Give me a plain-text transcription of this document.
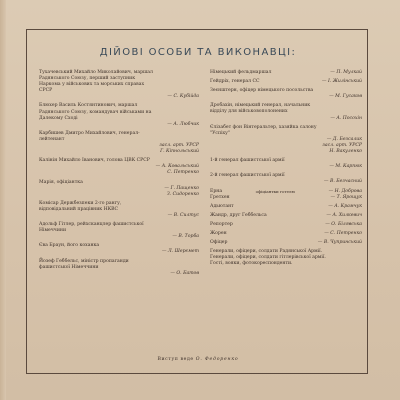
ДІЙОВІ ОСОБИ ТА ВИКОНАВЦІ:
Тухачевський Михайло Миколайович, маршал Радянського Союзу, перший заступник Наркома у військових та морських справах СРСР
— С. Кубійда
Блюхер Василь Костянтинович, маршал Радянського Союзу, командувач військами на Далекому Сході
— А. Любчик
Карбишев Дмитро Михайлович, генерал-лейтенант
засл. арт. УРСР
Г. Кіпнольський
Калінін Михайло Іванович, голова ЦВК СРСР
— А. Ковальський
С. Петренко
Марія, офіціантка
— Г. Пащенко
З. Сидоренко
Комісар Держбезпеки 2-го рангу, відповідальний працівник НКВС
— В. Силтус
Адольф Гітлер, рейхсканцлер фашистської Німеччини
— В. Торба
Єва Браун, його коханка
— Л. Шерємет
Йозеф Геббельс, міністр пропаганди фашистської Німеччини
— О. Батов
Німецький фельдмаршал	— П. Мулкай
Гейдріх, генерал СС	— І. Жилінський
Зеєнштерн, офіцер німецького посольства
— М. Гусаков
Дробахін, німецький генерал, начальник відділу для військовополонених
— А. Посохін
Єлізабет фон Вінтеральтер, хазяйка салону "Успіху"
— Д. Безсалик
засл. арт. УРСР
Н. Вакуленко
1-й генерал фашистської армії
— М. Карпюк
2-й генерал фашистської армії
— В. Безчасний
Ерна	офіціантки готелю	— Н. Доброва
Гретхен	— Т. Ярощук
Адьютант	— А. Крамчук
Жандр, друг Геббельса	— А. Хилкевич
Репортер	— О. Білявська
Жорен	— С. Петренко
Офіцер	— В. Чупринський
Генерали, офіцери, солдати Радянської Армії.
Генерали, офіцери, солдати гітлерівської армії.
Гості, вояки, фотокореспонденти.
Виступ веде О. Федоренко
